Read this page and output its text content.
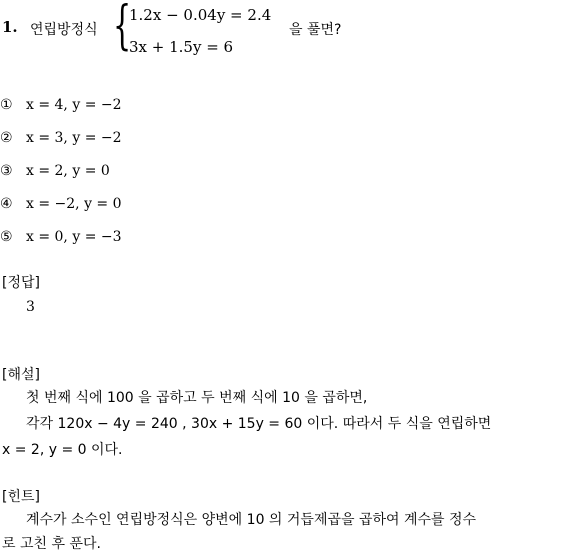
1. 연립방정식 {
1.2x − 0.04y = 2.4
3x + 1.5y = 6
을 풀면?
① x = 4, y = −2
② x = 3, y = −2
③ x = 2, y = 0
④ x = −2, y = 0
⑤ x = 0, y = −3
[정답]
3
[해설]
첫 번째 식에 100 을 곱하고 두 번째 식에 10 을 곱하면,
각각 120x − 4y = 240 , 30x + 15y = 60 이다. 따라서 두 식을 연립하면
x = 2, y = 0 이다.
[힌트]
계수가 소수인 연립방정식은 양변에 10 의 거듭제곱을 곱하여 계수를 정수
로 고친 후 푼다.
